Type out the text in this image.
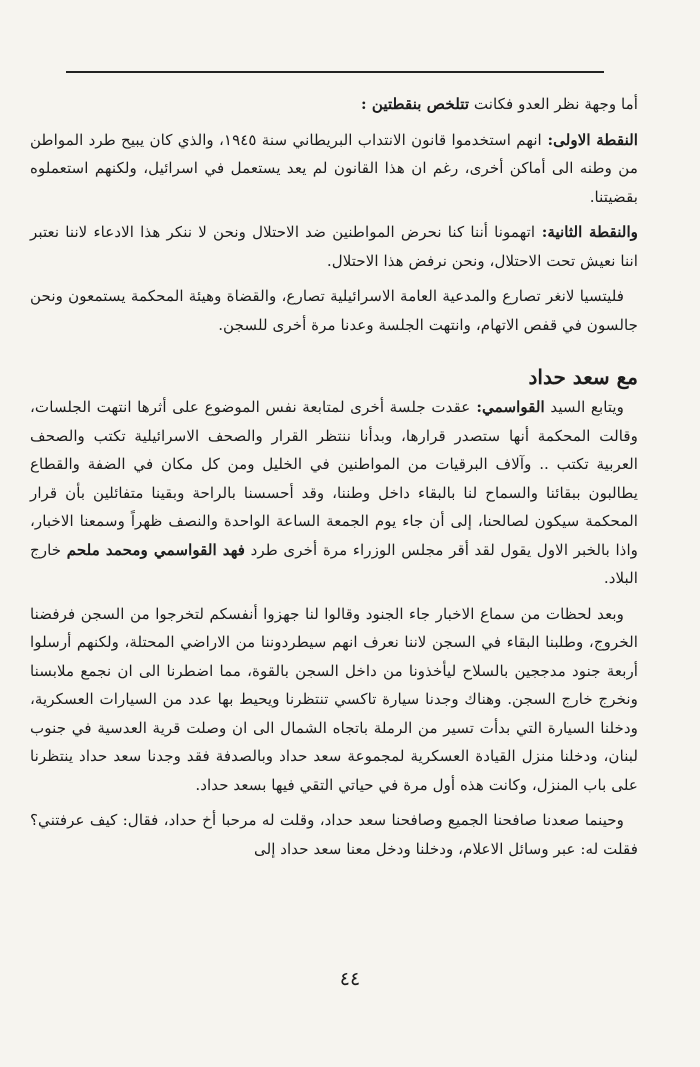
أما وجهة نظر العدو فكانت تتلخص بنقطتين :

النقطة الاولى: انهم استخدموا قانون الانتداب البريطاني سنة ١٩٤٥، والذي كان يبيح طرد المواطن من وطنه الى أماكن أخرى، رغم ان هذا القانون لم يعد يستعمل في اسرائيل، ولكنهم استعملوه بقضيتنا.

والنقطة الثانية: اتهمونا أننا كنا نحرض المواطنين ضد الاحتلال ونحن لا ننكر هذا الادعاء لاننا نعتبر اننا نعيش تحت الاحتلال، ونحن نرفض هذا الاحتلال.

فليتسيا لانغر تصارع والمدعية العامة الاسرائيلية تصارع، والقضاة وهيئة المحكمة يستمعون ونحن جالسون في قفص الاتهام، وانتهت الجلسة وعدنا مرة أخرى للسجن.

مع سعد حداد

ويتابع السيد القواسمي: عقدت جلسة أخرى لمتابعة نفس الموضوع على أثرها انتهت الجلسات، وقالت المحكمة أنها ستصدر قرارها، وبدأنا ننتظر القرار والصحف الاسرائيلية تكتب والصحف العربية تكتب .. وآلاف البرقيات من المواطنين في الخليل ومن كل مكان في الضفة والقطاع يطالبون ببقائنا والسماح لنا بالبقاء داخل وطننا، وقد أحسسنا بالراحة وبقينا متفائلين بأن قرار المحكمة سيكون لصالحنا، إلى أن جاء يوم الجمعة الساعة الواحدة والنصف ظهراً وسمعنا الاخبار، واذا بالخبر الاول يقول لقد أقر مجلس الوزراء مرة أخرى طرد فهد القواسمي ومحمد ملحم خارج البلاد.

وبعد لحظات من سماع الاخبار جاء الجنود وقالوا لنا جهزوا أنفسكم لتخرجوا من السجن فرفضنا الخروج، وطلبنا البقاء في السجن لاننا نعرف انهم سيطردوننا من الاراضي المحتلة، ولكنهم أرسلوا أربعة جنود مدججين بالسلاح ليأخذونا من داخل السجن بالقوة، مما اضطرنا الى ان نجمع ملابسنا ونخرج خارج السجن. وهناك وجدنا سيارة تاكسي تنتظرنا ويحيط بها عدد من السيارات العسكرية، ودخلنا السيارة التي بدأت تسير من الرملة باتجاه الشمال الى ان وصلت قرية العدسية في جنوب لبنان، ودخلنا منزل القيادة العسكرية لمجموعة سعد حداد وبالصدفة فقد وجدنا سعد حداد ينتظرنا على باب المنزل، وكانت هذه أول مرة في حياتي التقي فيها بسعد حداد.

وحينما صعدنا صافحنا الجميع وصافحنا سعد حداد، وقلت له مرحبا أخ حداد، فقال: كيف عرفتني؟ فقلت له: عبر وسائل الاعلام، ودخلنا ودخل معنا سعد حداد إلى

٤٤
